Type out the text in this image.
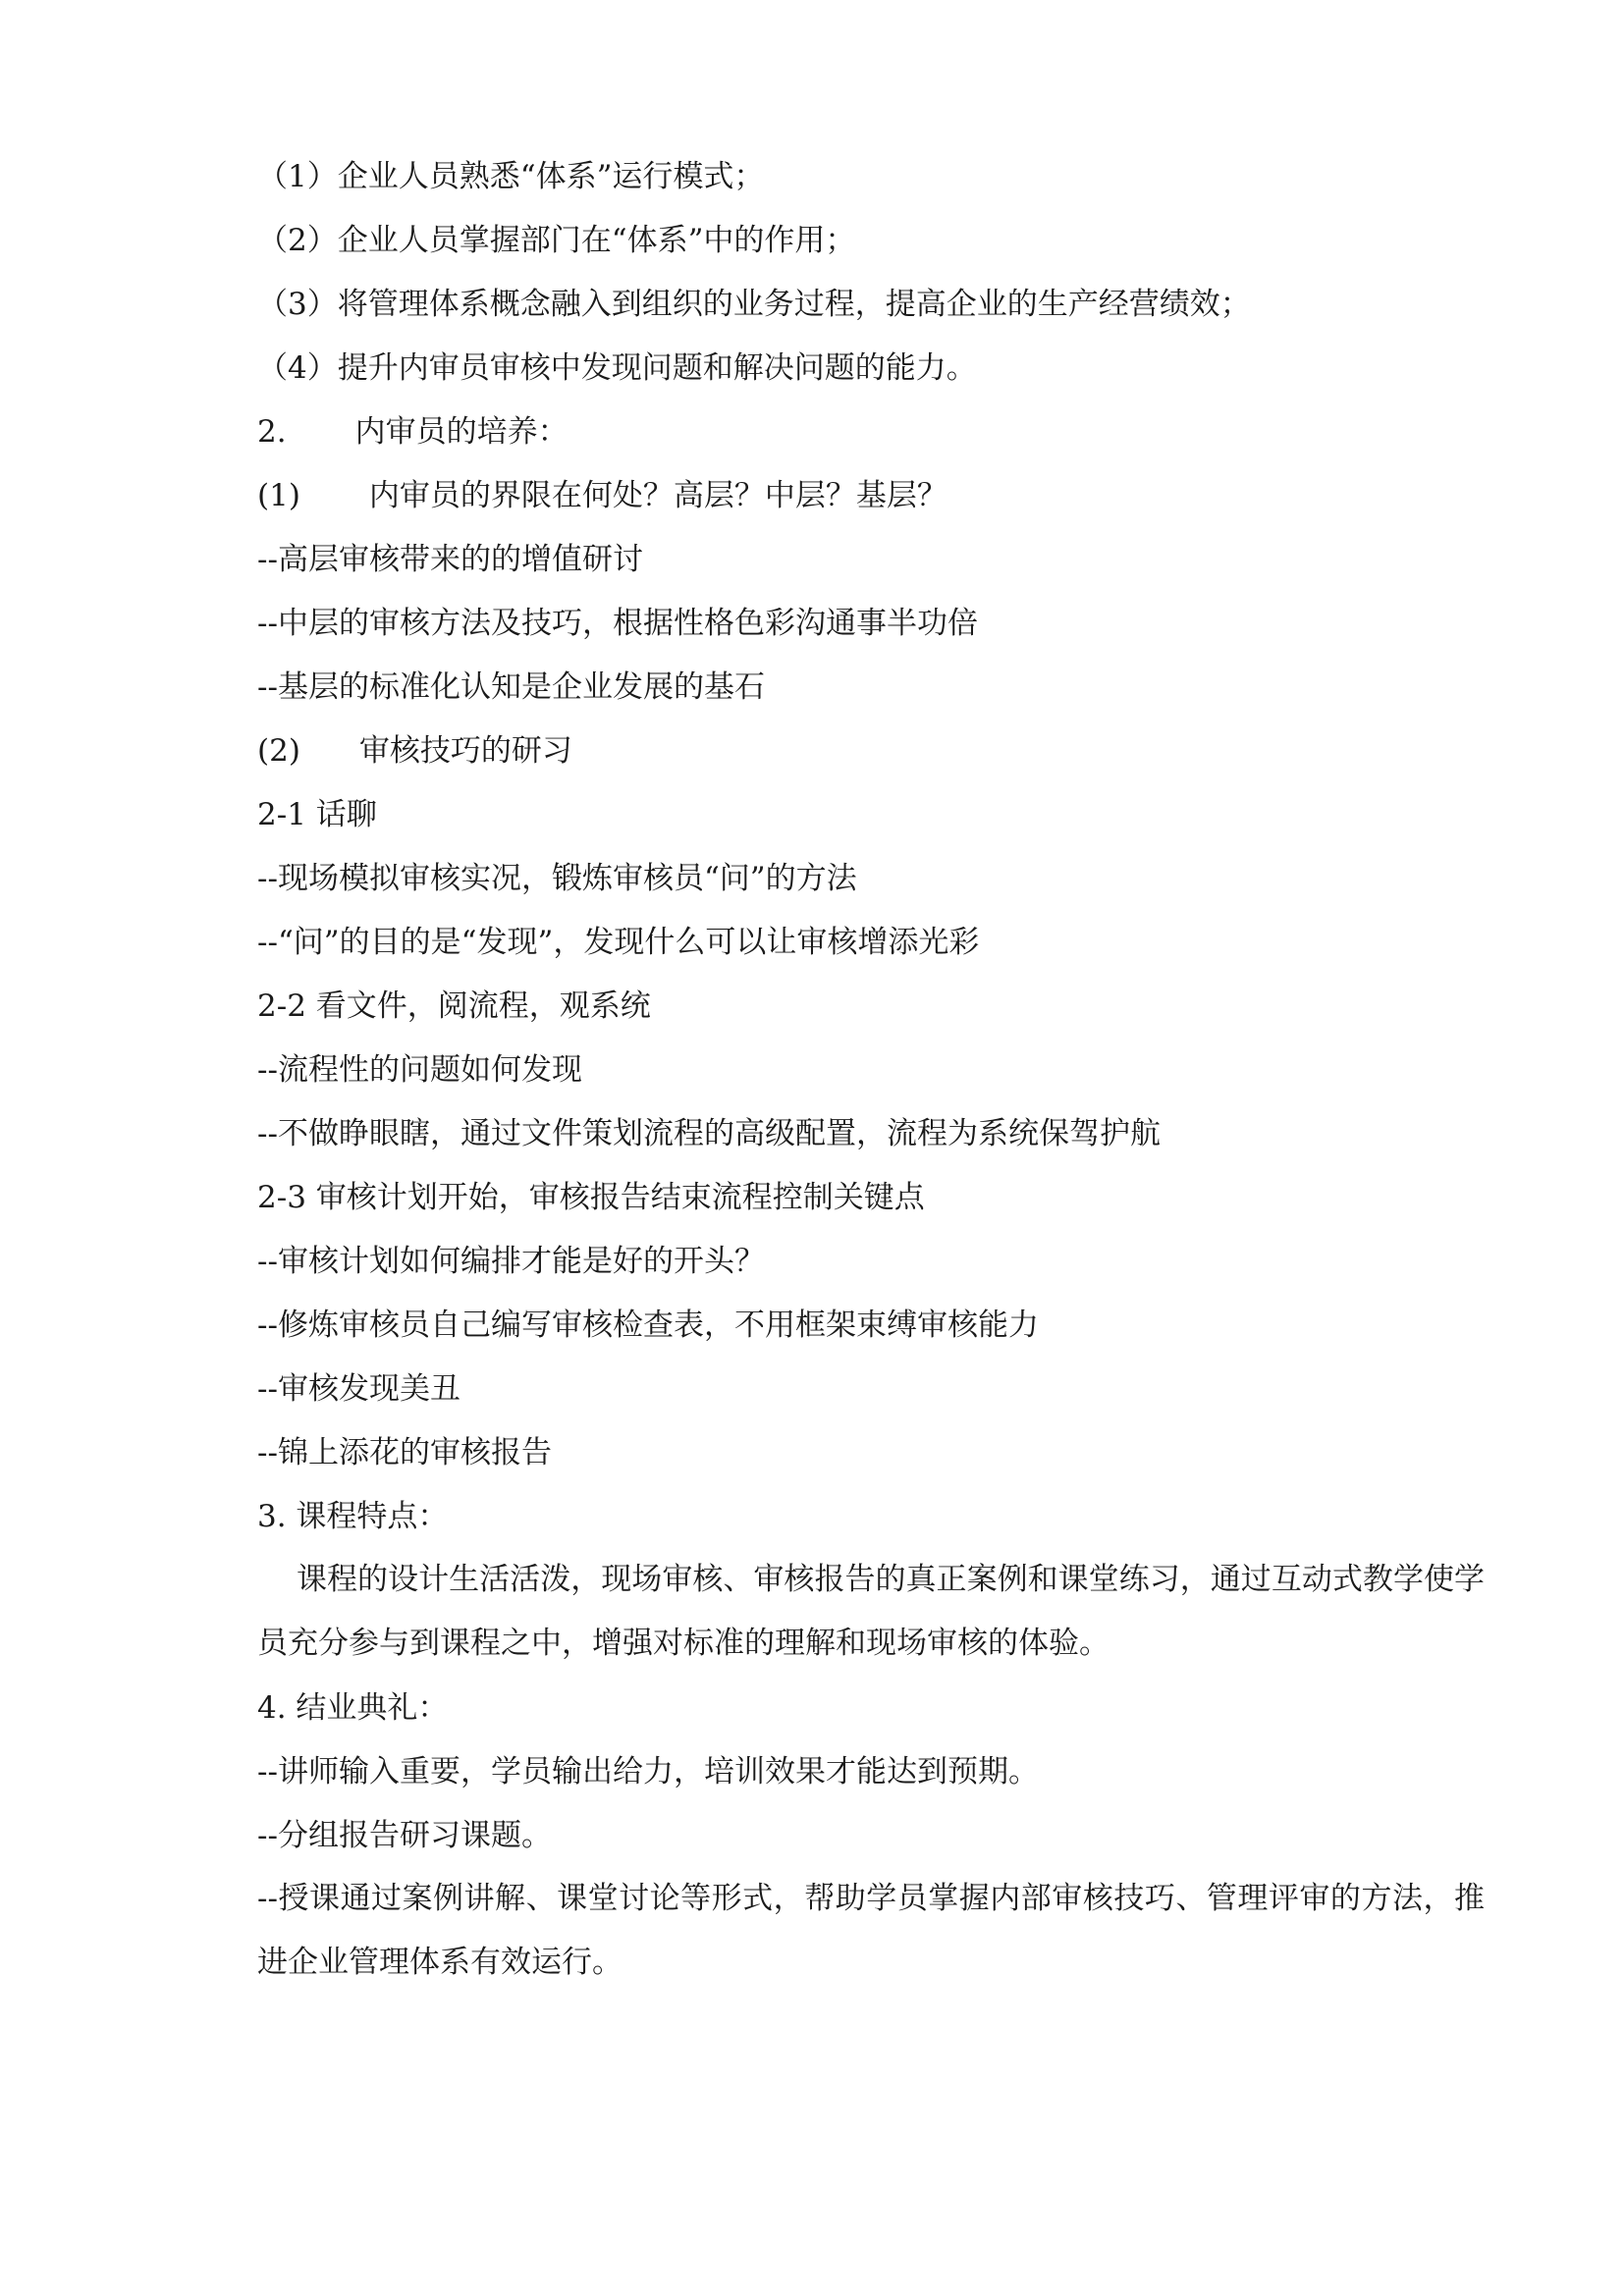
（1）企业人员熟悉“体系”运行模式；
（2）企业人员掌握部门在“体系”中的作用；
（3）将管理体系概念融入到组织的业务过程，提高企业的生产经营绩效；
（4）提升内审员审核中发现问题和解决问题的能力。
2. 内审员的培养：
(1) 内审员的界限在何处？高层？中层？基层？
--高层审核带来的的增值研讨
--中层的审核方法及技巧，根据性格色彩沟通事半功倍
--基层的标准化认知是企业发展的基石
(2) 审核技巧的研习
2-1 话聊
--现场模拟审核实况，锻炼审核员“问”的方法
--“问”的目的是“发现”，发现什么可以让审核增添光彩
2-2 看文件，阅流程，观系统
--流程性的问题如何发现
--不做睁眼瞎，通过文件策划流程的高级配置，流程为系统保驾护航
2-3 审核计划开始，审核报告结束流程控制关键点
--审核计划如何编排才能是好的开头？
--修炼审核员自己编写审核检查表，不用框架束缚审核能力
--审核发现美丑
--锦上添花的审核报告
3. 课程特点：
课程的设计生活活泼，现场审核、审核报告的真正案例和课堂练习，通过互动式教学使学员充分参与到课程之中，增强对标准的理解和现场审核的体验。
4. 结业典礼：
--讲师输入重要，学员输出给力，培训效果才能达到预期。
--分组报告研习课题。
--授课通过案例讲解、课堂讨论等形式，帮助学员掌握内部审核技巧、管理评审的方法，推进企业管理体系有效运行。
